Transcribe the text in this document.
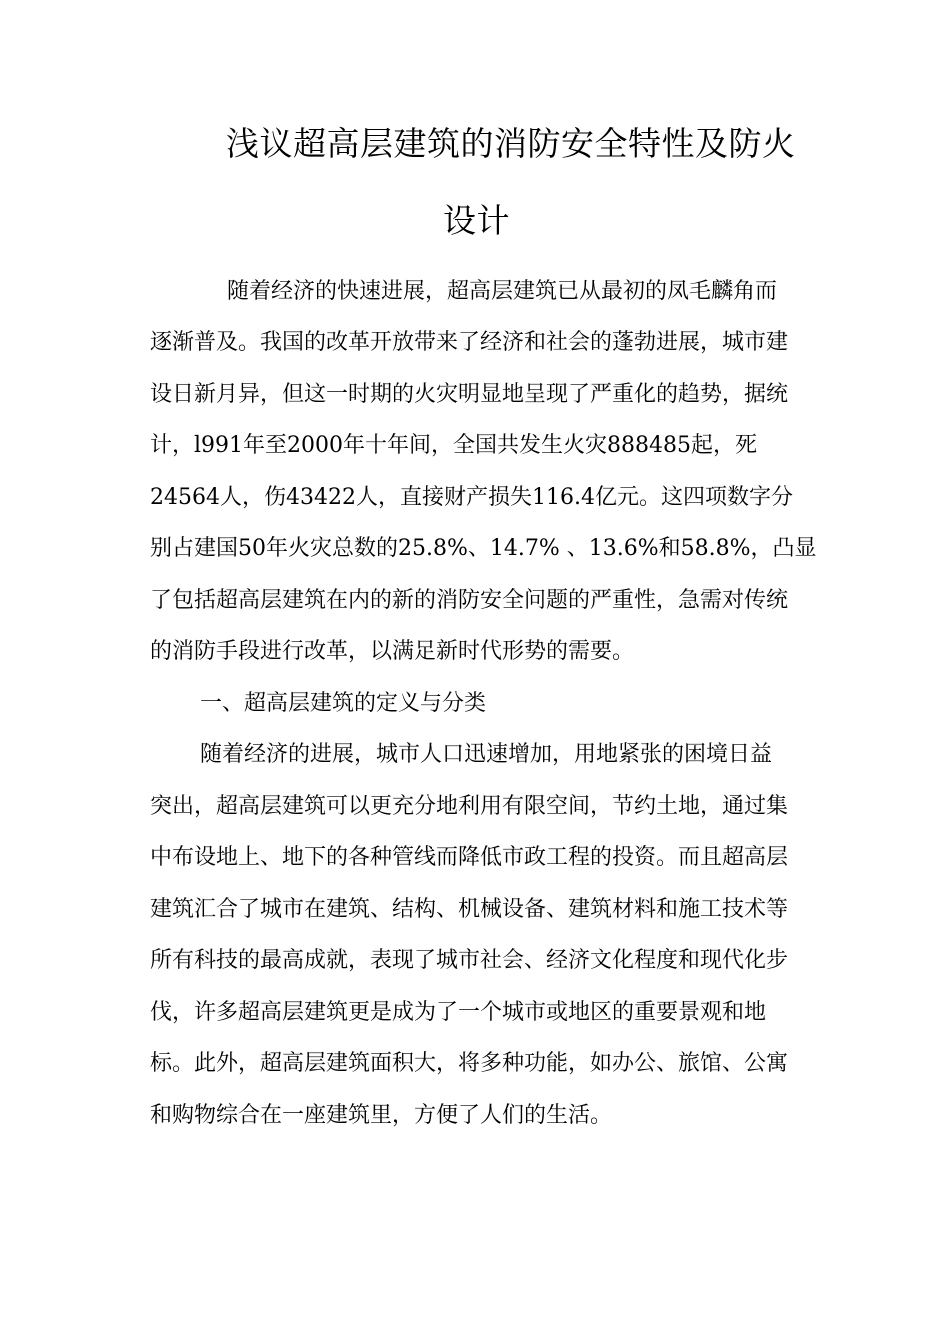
浅议超高层建筑的消防安全特性及防火
设计

随着经济的快速进展，超高层建筑已从最初的凤毛麟角而

逐渐普及。我国的改革开放带来了经济和社会的蓬勃进展，城市建

设日新月异，但这一时期的火灾明显地呈现了严重化的趋势，据统

计，l991年至2000年十年间，全国共发生火灾888485起，死

24564人，伤43422人，直接财产损失116.4亿元。这四项数字分

别占建国50年火灾总数的25.8%、14.7% 、13.6%和58.8%，凸显

了包括超高层建筑在内的新的消防安全问题的严重性，急需对传统

的消防手段进行改革，以满足新时代形势的需要。

一、超高层建筑的定义与分类

随着经济的进展，城市人口迅速增加，用地紧张的困境日益

突出，超高层建筑可以更充分地利用有限空间，节约土地，通过集

中布设地上、地下的各种管线而降低市政工程的投资。而且超高层

建筑汇合了城市在建筑、结构、机械设备、建筑材料和施工技术等

所有科技的最高成就，表现了城市社会、经济文化程度和现代化步

伐，许多超高层建筑更是成为了一个城市或地区的重要景观和地

标。此外，超高层建筑面积大，将多种功能，如办公、旅馆、公寓

和购物综合在一座建筑里，方便了人们的生活。
